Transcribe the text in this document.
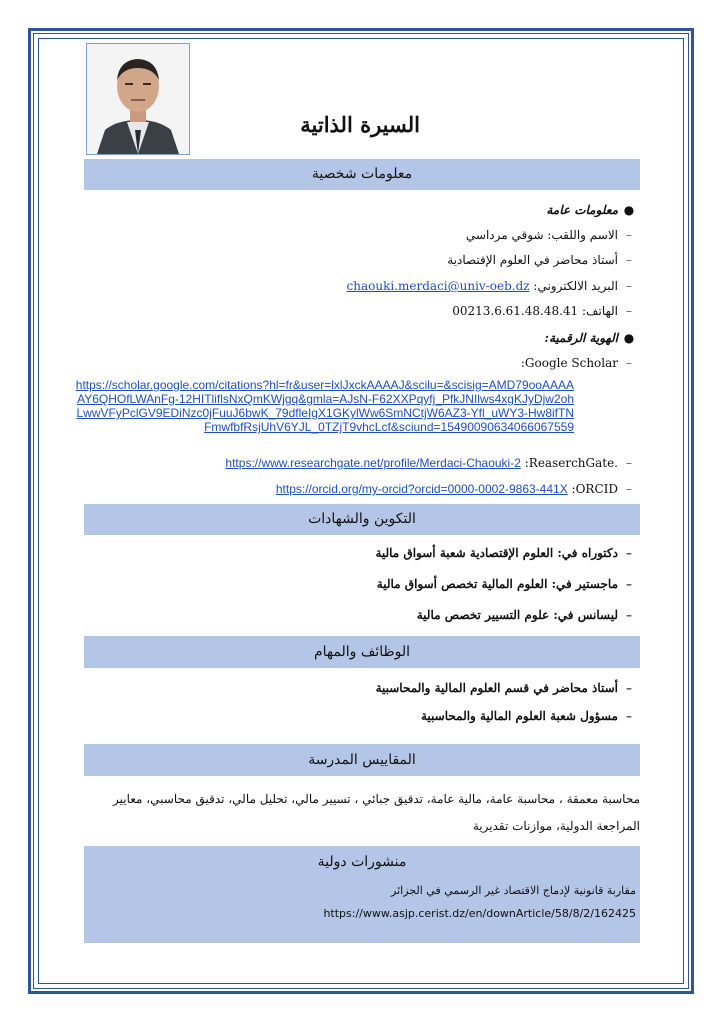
السيرة الذاتية
معلومات شخصية
●معلومات عامة
–الاسم واللقب: شوقي مرداسي
–أستاذ محاضر في العلوم الإقتصادية
–البريد الالكتروني: chaouki.merdaci@univ-oeb.dz
–الهاتف: 00213.6.61.48.48.41
●الهوية الرقمية:
–:Google Scholar
https://scholar.google.com/citations?hl=fr&user=lxlJxckAAAAJ&scilu=&scisig=AMD79ooAAAAAY6QHOfLWAnFg-12HITliflsNxQmKWjgq&gmla=AJsN-F62XXPqyfj_PfkJNIlws4xgKJyDjw2ohLwwVFyPclGV9EDiNzc0jFuuJ6bwK_79dfleIgX1GKylWw6SmNCtjW6AZ3-Yfl_uWY3-Hw8ifTNFmwfbfRsjUhV6YJL_0TZjT9vhcLcf&sciund=15490090634066067559
–:ReaserchGate. https://www.researchgate.net/profile/Merdaci-Chaouki-2
–:ORCID https://orcid.org/my-orcid?orcid=0000-0002-9863-441X
التكوين والشهادات
–دكتوراه في: العلوم الإقتصادية شعبة أسواق مالية
–ماجستير في: العلوم المالية تخصص أسواق مالية
–ليسانس في: علوم التسيير تخصص مالية
الوظائف والمهام
–أستاذ محاضر في قسم العلوم المالية والمحاسبية
–مسؤول شعبة العلوم المالية والمحاسبية
المقاييس المدرسة
محاسبة معمقة ، محاسبة عامة، مالية عامة، تدقيق جبائي ، تسيير مالي، تحليل مالي، تدقيق محاسبي، معايير المراجعة الدولية، موازنات تقديرية
منشورات دولية
مقاربة قانونية لإدماج الاقتصاد غير الرسمي في الجزائر
https://www.asjp.cerist.dz/en/downArticle/58/8/2/162425
